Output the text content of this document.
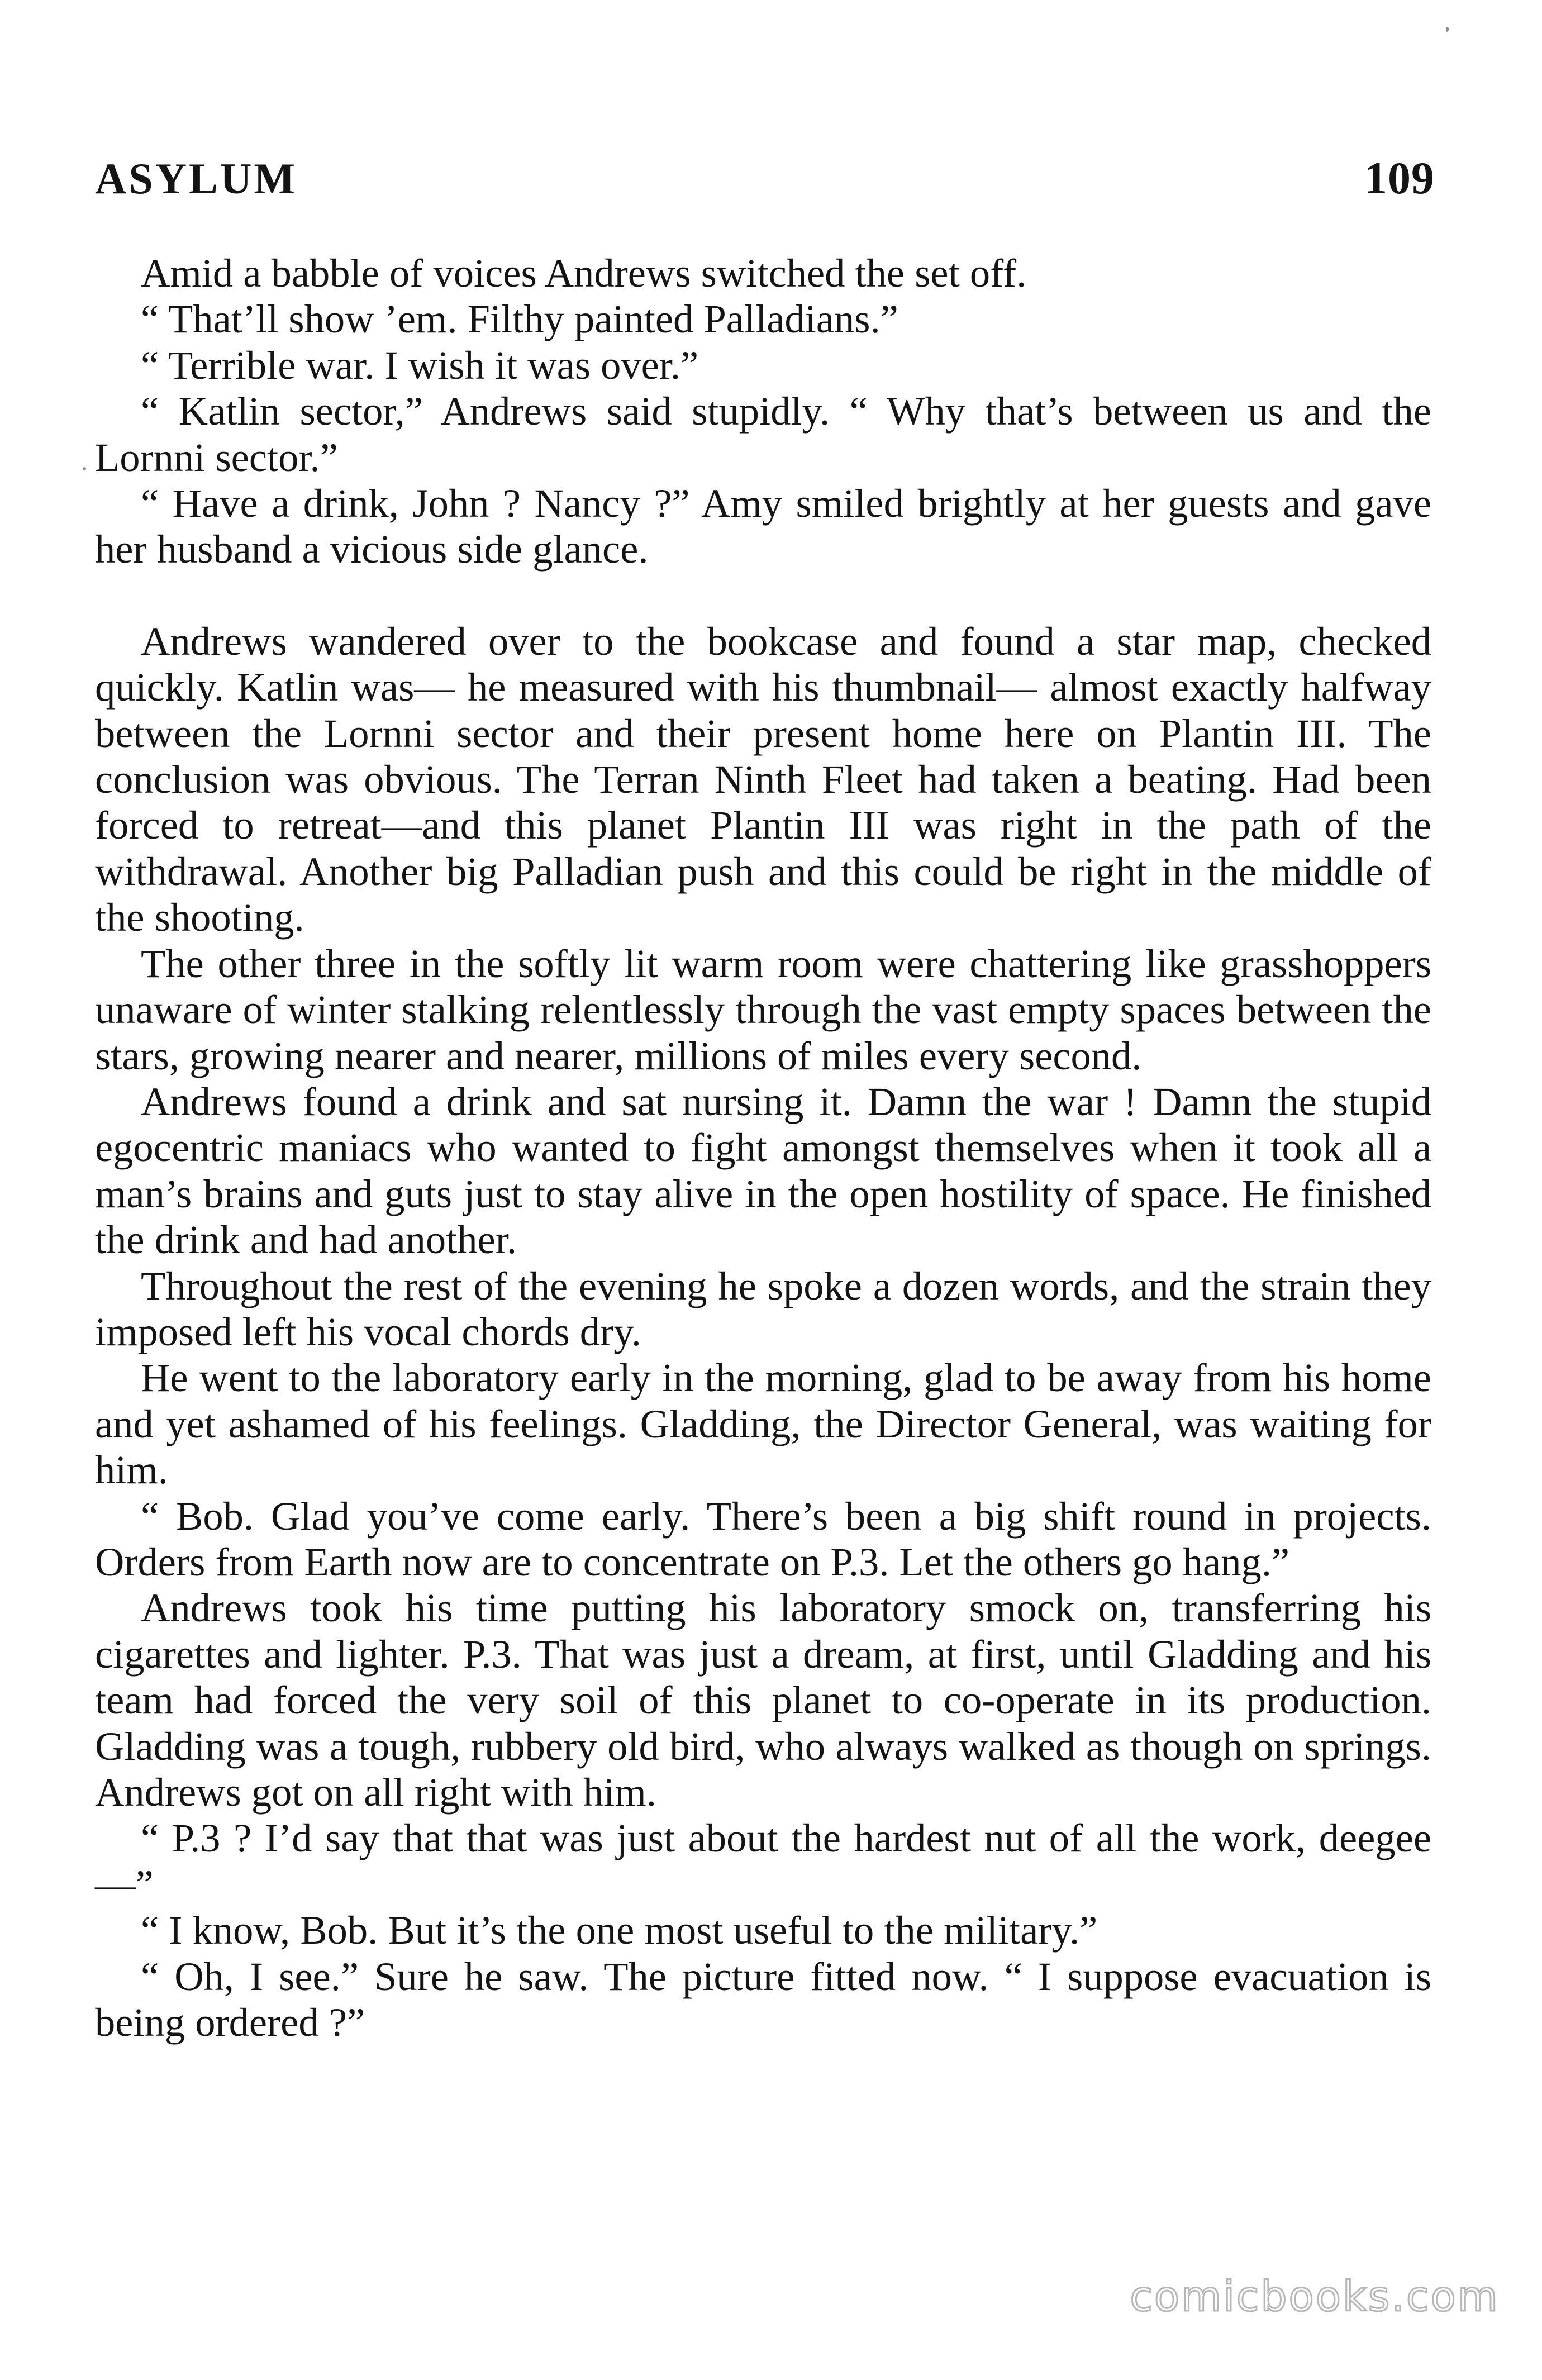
ASYLUM	109

Amid a babble of voices Andrews switched the set off.

“ That’ll show ’em. Filthy painted Palladians.”

“ Terrible war. I wish it was over.”

“ Katlin sector,” Andrews said stupidly. “ Why that’s between us and the Lornni sector.”

“ Have a drink, John ? Nancy ?” Amy smiled brightly at her guests and gave her husband a vicious side glance.

Andrews wandered over to the bookcase and found a star map, checked quickly. Katlin was— he measured with his thumbnail— almost exactly halfway between the Lornni sector and their present home here on Plantin III. The conclusion was obvious. The Terran Ninth Fleet had taken a beating. Had been forced to retreat—and this planet Plantin III was right in the path of the withdrawal. Another big Palladian push and this could be right in the middle of the shooting.

The other three in the softly lit warm room were chattering like grasshoppers unaware of winter stalking relentlessly through the vast empty spaces between the stars, growing nearer and nearer, millions of miles every second.

Andrews found a drink and sat nursing it. Damn the war ! Damn the stupid egocentric maniacs who wanted to fight amongst themselves when it took all a man’s brains and guts just to stay alive in the open hostility of space. He finished the drink and had another.

Throughout the rest of the evening he spoke a dozen words, and the strain they imposed left his vocal chords dry.

He went to the laboratory early in the morning, glad to be away from his home and yet ashamed of his feelings. Gladding, the Director General, was waiting for him.

“ Bob. Glad you’ve come early. There’s been a big shift round in projects. Orders from Earth now are to concentrate on P.3. Let the others go hang.”

Andrews took his time putting his laboratory smock on, transferring his cigarettes and lighter. P.3. That was just a dream, at first, until Gladding and his team had forced the very soil of this planet to co-operate in its production. Gladding was a tough, rubbery old bird, who always walked as though on springs. Andrews got on all right with him.

“ P.3 ? I’d say that that was just about the hardest nut of all the work, deegee—”

“ I know, Bob. But it’s the one most useful to the military.”

“ Oh, I see.” Sure he saw. The picture fitted now. “ I suppose evacuation is being ordered ?”

comicbooks.com
